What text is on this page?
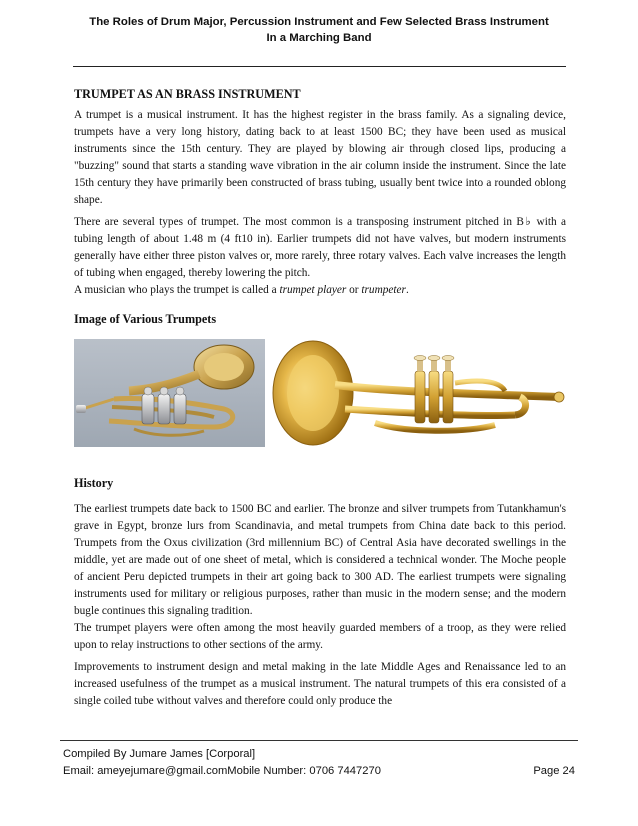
The Roles of Drum Major, Percussion Instrument and Few Selected Brass Instrument
In a Marching Band
TRUMPET AS AN BRASS INSTRUMENT

A trumpet is a musical instrument. It has the highest register in the brass family. As a signaling device, trumpets have a very long history, dating back to at least 1500 BC; they have been used as musical instruments since the 15th century. They are played by blowing air through closed lips, producing a "buzzing" sound that starts a standing wave vibration in the air column inside the instrument. Since the late 15th century they have primarily been constructed of brass tubing, usually bent twice into a rounded oblong shape.

There are several types of trumpet. The most common is a transposing instrument pitched in B♭ with a tubing length of about 1.48 m (4 ft10 in). Earlier trumpets did not have valves, but modern instruments generally have either three piston valves or, more rarely, three rotary valves. Each valve increases the length of tubing when engaged, thereby lowering the pitch.

A musician who plays the trumpet is called a trumpet player or trumpeter.

Image of Various Trumpets
History

The earliest trumpets date back to 1500 BC and earlier. The bronze and silver trumpets from Tutankhamun's grave in Egypt, bronze lurs from Scandinavia, and metal trumpets from China date back to this period. Trumpets from the Oxus civilization (3rd millennium BC) of Central Asia have decorated swellings in the middle, yet are made out of one sheet of metal, which is considered a technical wonder. The Moche people of ancient Peru depicted trumpets in their art going back to 300 AD. The earliest trumpets were signaling instruments used for military or religious purposes, rather than music in the modern sense; and the modern bugle continues this signaling tradition.

The trumpet players were often among the most heavily guarded members of a troop, as they were relied upon to relay instructions to other sections of the army.

Improvements to instrument design and metal making in the late Middle Ages and Renaissance led to an increased usefulness of the trumpet as a musical instrument. The natural trumpets of this era consisted of a single coiled tube without valves and therefore could only produce the

Compiled By Jumare James [Corporal]
Email: ameyejumare@gmail.comMobile Number: 0706 7447270	Page 24
